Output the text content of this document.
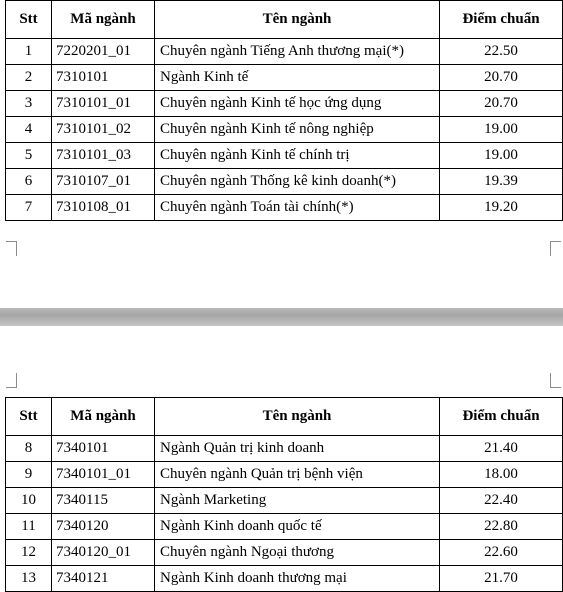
Stt	Mã ngành	Tên ngành	Điểm chuẩn
1	7220201_01	Chuyên ngành Tiếng Anh thương mại(*)	22.50
2	7310101	Ngành Kinh tế	20.70
3	7310101_01	Chuyên ngành Kinh tế học ứng dụng	20.70
4	7310101_02	Chuyên ngành Kinh tế nông nghiệp	19.00
5	7310101_03	Chuyên ngành Kinh tế chính trị	19.00
6	7310107_01	Chuyên ngành Thống kê kinh doanh(*)	19.39
7	7310108_01	Chuyên ngành Toán tài chính(*)	19.20
Stt	Mã ngành	Tên ngành	Điểm chuẩn
8	7340101	Ngành Quản trị kinh doanh	21.40
9	7340101_01	Chuyên ngành Quản trị bệnh viện	18.00
10	7340115	Ngành Marketing	22.40
11	7340120	Ngành Kinh doanh quốc tế	22.80
12	7340120_01	Chuyên ngành Ngoại thương	22.60
13	7340121	Ngành Kinh doanh thương mại	21.70
